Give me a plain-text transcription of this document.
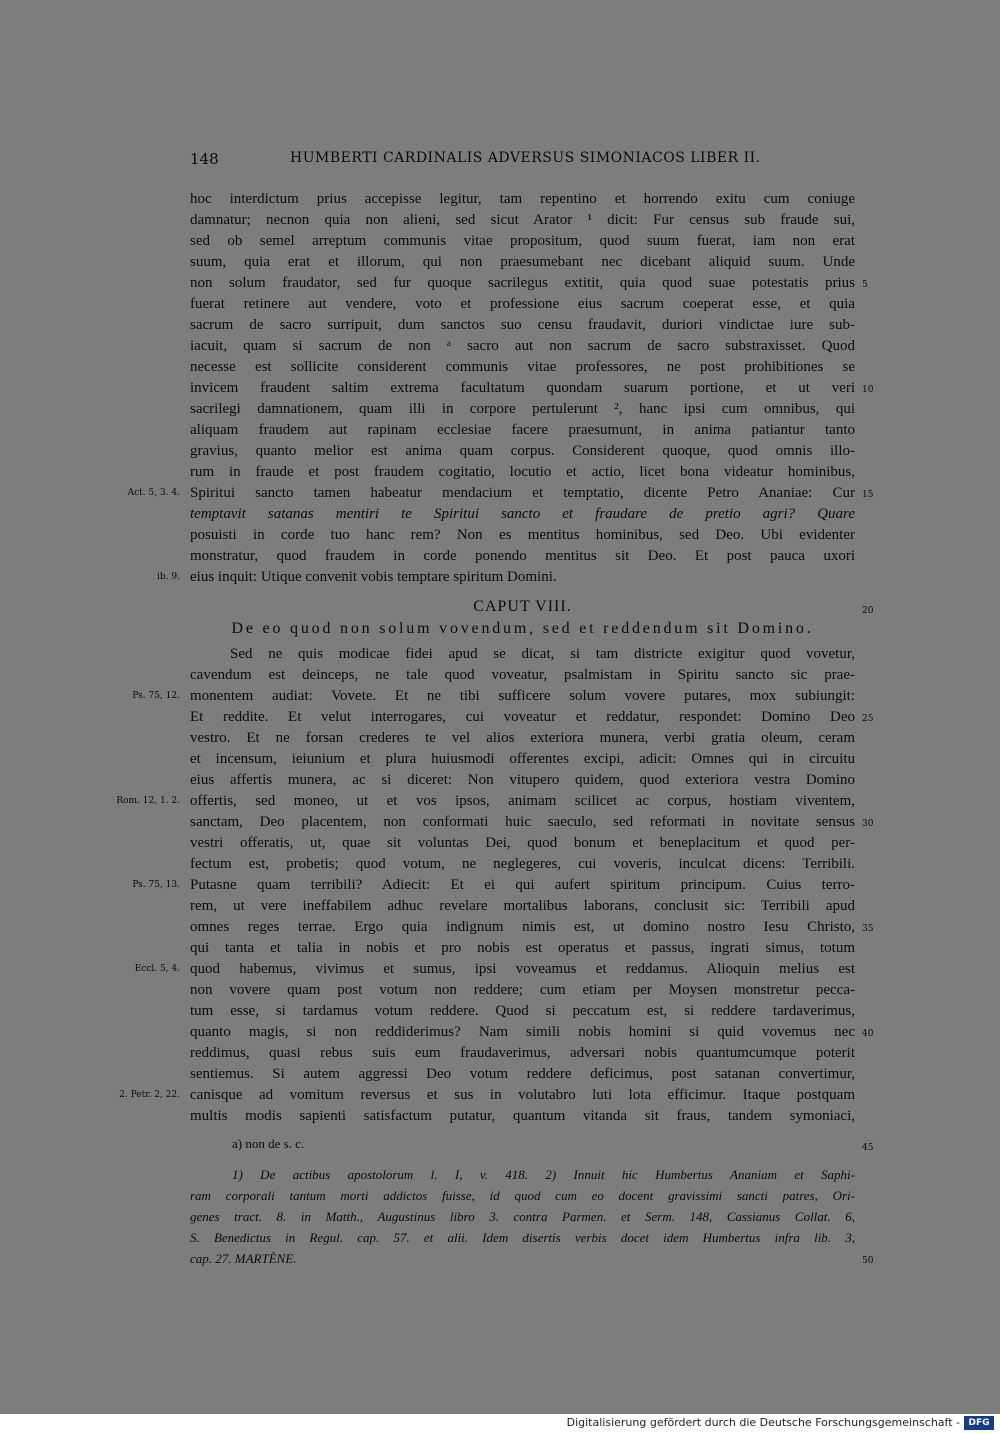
148	HUMBERTI CARDINALIS ADVERSUS SIMONIACOS LIBER II.
hoc interdictum prius accepisse legitur, tam repentino et horrendo exitu cum coniuge
damnatur; necnon quia non alieni, sed sicut Arator ¹ dicit: Fur census sub fraude sui,
sed ob semel arreptum communis vitae propositum, quod suum fuerat, iam non erat
suum, quia erat et illorum, qui non praesumebant nec dicebant aliquid suum. Unde
non solum fraudator, sed fur quoque sacrilegus extitit, quia quod suae potestatis prius
fuerat retinere aut vendere, voto et professione eius sacrum coeperat esse, et quia
sacrum de sacro surripuit, dum sanctos suo censu fraudavit, duriori vindictae iure sub-
iacuit, quam si sacrum de non ᵃ sacro aut non sacrum de sacro substraxisset. Quod
necesse est sollicite considerent communis vitae professores, ne post prohibitiones se
invicem fraudent saltim extrema facultatum quondam suarum portione, et ut veri
sacrilegi damnationem, quam illi in corpore pertulerunt ², hanc ipsi cum omnibus, qui
aliquam fraudem aut rapinam ecclesiae facere praesumunt, in anima patiantur tanto
gravius, quanto melior est anima quam corpus. Considerent quoque, quod omnis illo-
rum in fraude et post fraudem cogitatio, locutio et actio, licet bona videatur hominibus,
Spiritui sancto tamen habeatur mendacium et temptatio, dicente Petro Ananiae: Cur
temptavit satanas mentiri te Spiritui sancto et fraudare de pretio agri? Quare
posuisti in corde tuo hanc rem? Non es mentitus hominibus, sed Deo. Ubi evidenter
monstratur, quod fraudem in corde ponendo mentitus sit Deo. Et post pauca uxori
eius inquit: Utique convenit vobis temptare spiritum Domini.
CAPUT VIII.
De eo quod non solum vovendum, sed et reddendum sit Domino.
Sed ne quis modicae fidei apud se dicat, si tam districte exigitur quod vovetur,
cavendum est deinceps, ne tale quod voveatur, psalmistam in Spiritu sancto sic prae-
monentem audiat: Vovete. Et ne tibi sufficere solum vovere putares, mox subiungit:
Et reddite. Et velut interrogares, cui voveatur et reddatur, respondet: Domino Deo
vestro. Et ne forsan crederes te vel alios exteriora munera, verbi gratia oleum, ceram
et incensum, ieiunium et plura huiusmodi offerentes excipi, adicit: Omnes qui in circuitu
eius affertis munera, ac si diceret: Non vitupero quidem, quod exteriora vestra Domino
offertis, sed moneo, ut et vos ipsos, animam scilicet ac corpus, hostiam viventem,
sanctam, Deo placentem, non conformati huic saeculo, sed reformati in novitate sensus
vestri offeratis, ut, quae sit voluntas Dei, quod bonum et beneplacitum et quod per-
fectum est, probetis; quod votum, ne neglegeres, cui voveris, inculcat dicens: Terribili.
Putasne quam terribili? Adiecit: Et ei qui aufert spiritum principum. Cuius terro-
rem, ut vere ineffabilem adhuc revelare mortalibus laborans, conclusit sic: Terribili apud
omnes reges terrae. Ergo quia indignum nimis est, ut domino nostro Iesu Christo,
qui tanta et talia in nobis et pro nobis est operatus et passus, ingrati simus, totum
quod habemus, vivimus et sumus, ipsi voveamus et reddamus. Alioquin melius est
non vovere quam post votum non reddere; cum etiam per Moysen monstretur pecca-
tum esse, si tardamus votum reddere. Quod si peccatum est, si reddere tardaverimus,
quanto magis, si non reddiderimus? Nam simili nobis homini si quid vovemus nec
reddimus, quasi rebus suis eum fraudaverimus, adversari nobis quantumcumque poterit
sentiemus. Si autem aggressi Deo votum reddere deficimus, post satanan convertimur,
canisque ad vomitum reversus et sus in volutabro luti lota efficimur. Itaque postquam
multis modis sapienti satisfactum putatur, quantum vitanda sit fraus, tandem symoniaci,
Act. 5, 3. 4.
ib. 9.
Ps. 75, 12.
Rom. 12, 1. 2.
Ps. 75, 13.
Eccl. 5, 4.
2. Petr. 2, 22.
5
10
15
20
25
30
35
40
45
50
a) non de s. c.
1) De actibus apostolorum l. I, v. 418. 2) Innuit hic Humbertus Ananiam et Saphi-
ram corporali tantum morti addictos fuisse, id quod cum eo docent gravissimi sancti patres, Ori-
genes tract. 8. in Matth., Augustinus libro 3. contra Parmen. et Serm. 148, Cassianus Collat. 6,
S. Benedictus in Regul. cap. 57. et alii. Idem disertis verbis docet idem Humbertus infra lib. 3,
cap. 27. MARTÈNE.
Digitalisierung gefördert durch die Deutsche Forschungsgemeinschaft - DFG
